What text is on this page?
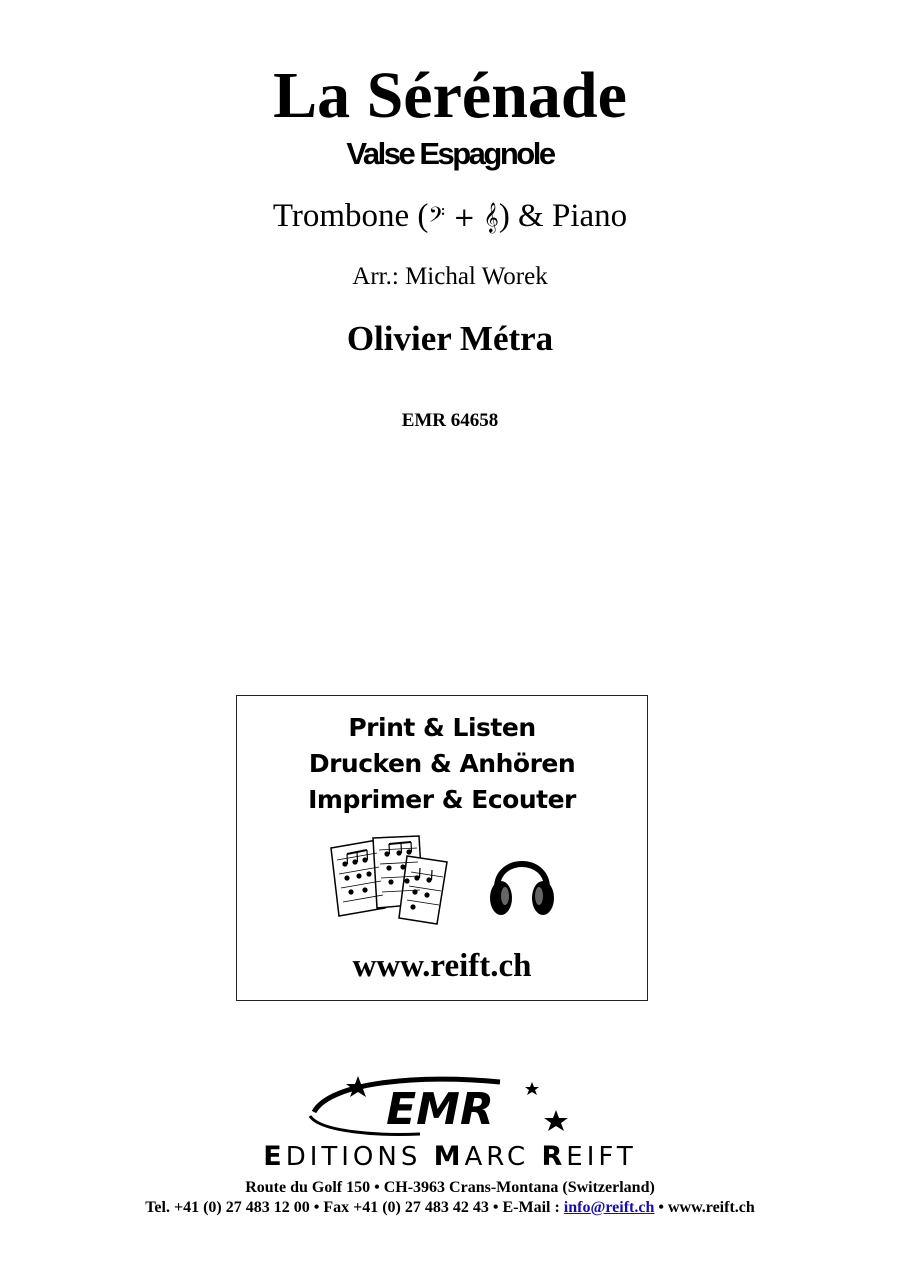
La Sérénade
Valse Espagnole
Trombone (𝄢 + 𝄞) & Piano
Arr.: Michal Worek
Olivier Métra
EMR 64658
Print & Listen
Drucken & Anhören
Imprimer & Ecouter
www.reift.ch
EMR
EDITIONS MARC REIFT
Route du Golf 150 • CH-3963 Crans-Montana (Switzerland)
Tel. +41 (0) 27 483 12 00 • Fax +41 (0) 27 483 42 43 • E-Mail : info@reift.ch • www.reift.ch
